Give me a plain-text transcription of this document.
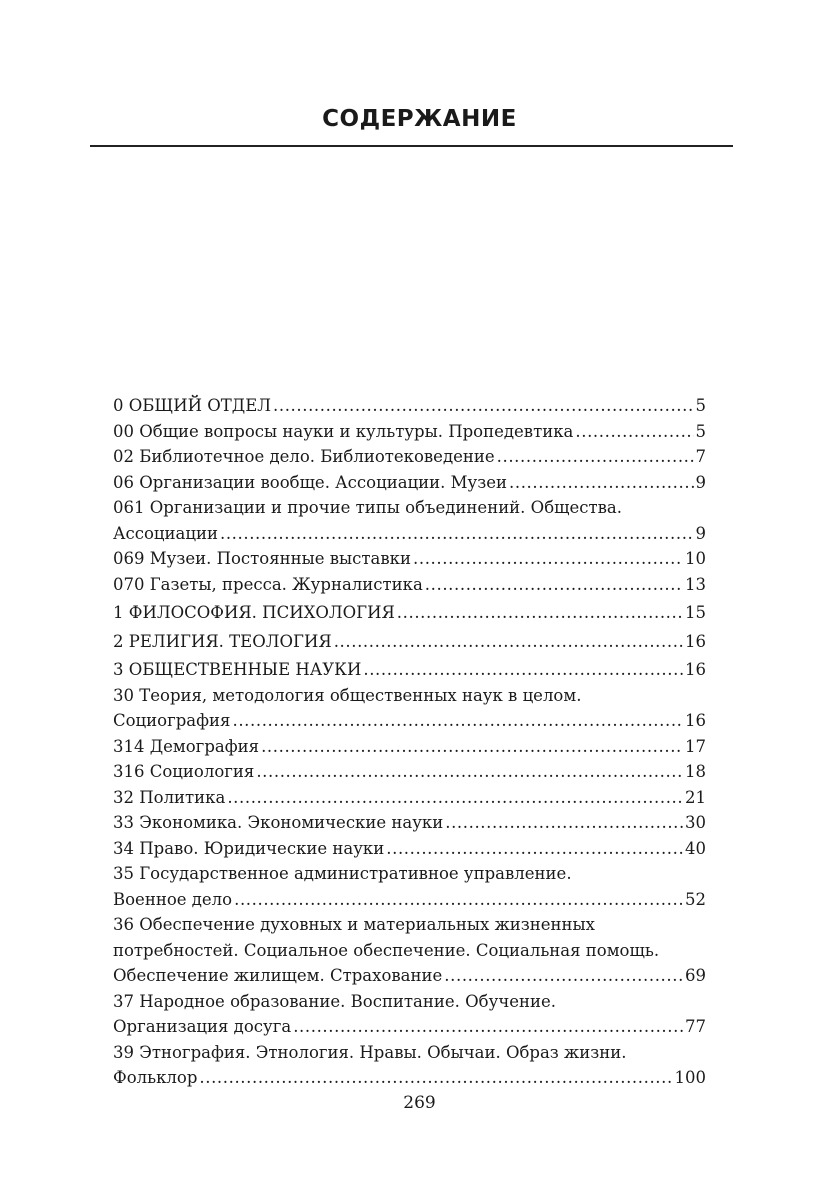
СОДЕРЖАНИЕ
0 ОБЩИЙ ОТДЕЛ .....	5
00 Общие вопросы науки и культуры. Пропедевтика .....	5
02 Библиотечное дело. Библиотековедение .....	7
06 Организации вообще. Ассоциации. Музеи .....	9
061 Организации и прочие типы объединений. Общества.
Ассоциации .....	9
069 Музеи. Постоянные выставки .....	10
070 Газеты, пресса. Журналистика .....	13
1 ФИЛОСОФИЯ. ПСИХОЛОГИЯ .....	15
2 РЕЛИГИЯ. ТЕОЛОГИЯ .....	16
3 ОБЩЕСТВЕННЫЕ НАУКИ .....	16
30 Теория, методология общественных наук в целом.
Социография .....	16
314 Демография .....	17
316 Социология .....	18
32 Политика .....	21
33 Экономика. Экономические науки .....	30
34 Право. Юридические науки .....	40
35 Государственное административное управление.
Военное дело .....	52
36 Обеспечение духовных и материальных жизненных
потребностей. Социальное обеспечение. Социальная помощь.
Обеспечение жилищем. Страхование .....	69
37 Народное образование. Воспитание. Обучение.
Организация досуга .....	77
39 Этнография. Этнология. Нравы. Обычаи. Образ жизни.
Фольклор .....	100
269
